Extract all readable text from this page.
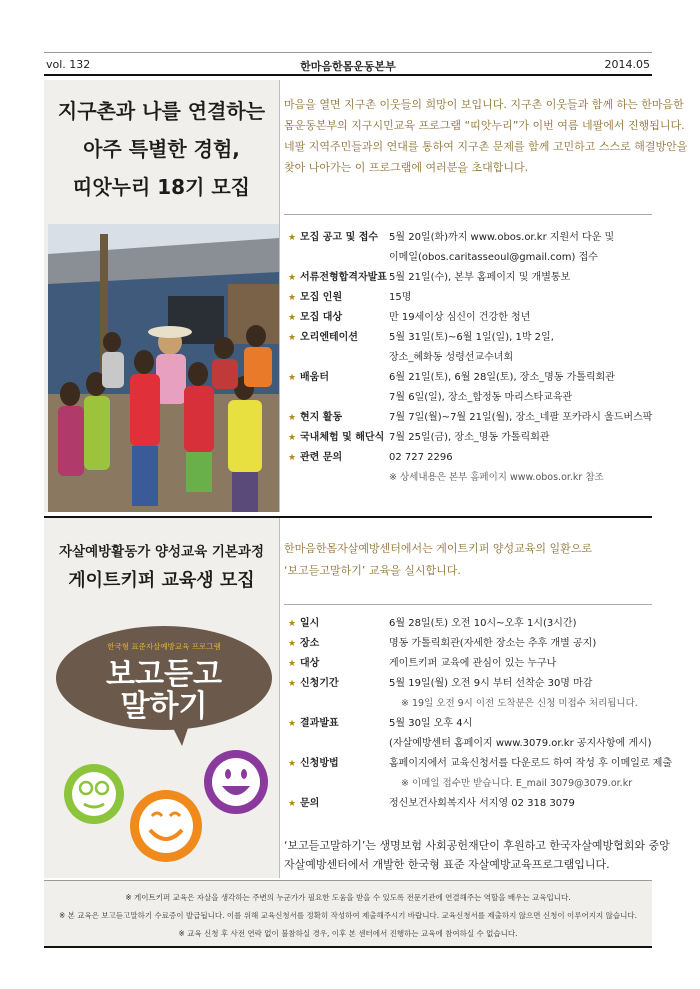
vol. 132	한마음한몸운동본부	2014.05
지구촌과 나를 연결하는
아주 특별한 경험,
띠앗누리 18기 모집
마음을 열면 지구촌 이웃들의 희망이 보입니다. 지구촌 이웃들과 함께 하는 한마음한
몸운동본부의 지구시민교육 프로그램 “띠앗누리”가 이번 여름 네팔에서 진행됩니다.
네팔 지역주민들과의 연대를 통하여 지구촌 문제를 함께 고민하고 스스로 해결방안을
찾아 나아가는 이 프로그램에 여러분을 초대합니다.
★ 모집 공고 및 접수 5월 20일(화)까지 www.obos.or.kr 지원서 다운 및
이메일(obos.caritasseoul@gmail.com) 접수
★ 서류전형합격자발표 5월 21일(수), 본부 홈페이지 및 개별통보
★ 모집 인원	15명
★ 모집 대상	만 19세이상 심신이 건강한 청년
★ 오리엔테이션	5월 31일(토)~6월 1일(일), 1박 2일,
장소_혜화동 성령선교수녀회
★ 배움터	6월 21일(토), 6월 28일(토), 장소_명동 가톨릭회관
7월 6일(일), 장소_합정동 마리스타교육관
★ 현지 활동	7월 7일(월)~7월 21일(월), 장소_네팔 포카라시 울드버스팍
★ 국내체험 및 해단식 7월 25일(금), 장소_명동 가톨릭회관
★ 관련 문의	02 727 2296
※ 상세내용은 본부 홈페이지 www.obos.or.kr 참조
자살예방활동가 양성교육 기본과정
게이트키퍼 교육생 모집
한국형 표준자살예방교육 프로그램
보고듣고
말하기
한마음한몸자살예방센터에서는 게이트키퍼 양성교육의 일환으로
‘보고듣고말하기’ 교육을 실시합니다.
★ 일시	6월 28일(토) 오전 10시~오후 1시(3시간)
★ 장소	명동 가톨릭회관(자세한 장소는 추후 개별 공지)
★ 대상	게이트키퍼 교육에 관심이 있는 누구나
★ 신청기간	5월 19일(월) 오전 9시 부터 선착순 30명 마감
※ 19일 오전 9시 이전 도착분은 신청 미접수 처리됩니다.
★ 결과발표	5월 30일 오후 4시
(자살예방센터 홈페이지 www.3079.or.kr 공지사항에 게시)
★ 신청방법	홈페이지에서 교육신청서를 다운로드 하여 작성 후 이메일로 제출
※ 이메일 접수만 받습니다. E_mail 3079@3079.or.kr
★ 문의	정신보건사회복지사 서지영 02 318 3079
‘보고듣고말하기’는 생명보험 사회공헌재단이 후원하고 한국자살예방협회와 중앙
자살예방센터에서 개발한 한국형 표준 자살예방교육프로그램입니다.
※ 게이트키퍼 교육은 자살을 생각하는 주변의 누군가가 필요한 도움을 받을 수 있도록 전문기관에 연결해주는 역할을 배우는 교육입니다.
※ 본 교육은 보고듣고말하기 수료증이 발급됩니다. 이를 위해 교육신청서를 정확히 작성하여 제출해주시기 바랍니다. 교육신청서를 제출하지 않으면 신청이 이루어지지 않습니다.
※ 교육 신청 후 사전 연락 없이 불참하실 경우, 이후 본 센터에서 진행하는 교육에 참여하실 수 없습니다.
